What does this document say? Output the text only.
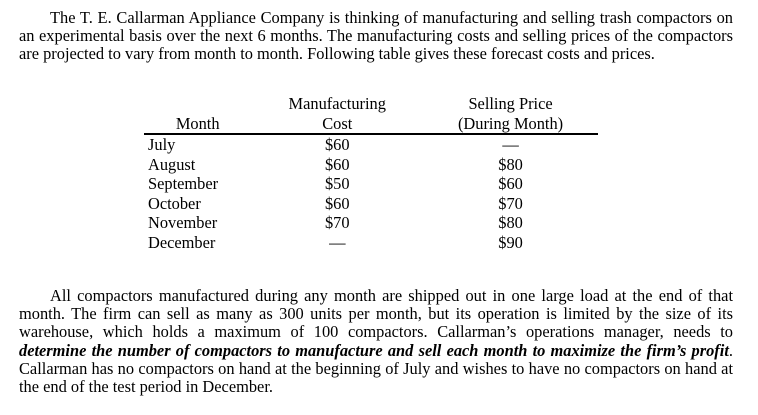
The T. E. Callarman Appliance Company is thinking of manufacturing and selling trash compactors on an experimental basis over the next 6 months. The manufacturing costs and selling prices of the compactors are projected to vary from month to month. Following table gives these forecast costs and prices.

	Manufacturing	Selling Price
Month	Cost	(During Month)
July	$60	—
August	$60	$80
September	$50	$60
October	$60	$70
November	$70	$80
December	—	$90

All compactors manufactured during any month are shipped out in one large load at the end of that month. The firm can sell as many as 300 units per month, but its operation is limited by the size of its warehouse, which holds a maximum of 100 compactors. Callarman’s operations manager, needs to determine the number of compactors to manufacture and sell each month to maximize the firm’s profit. Callarman has no compactors on hand at the beginning of July and wishes to have no compactors on hand at the end of the test period in December.
